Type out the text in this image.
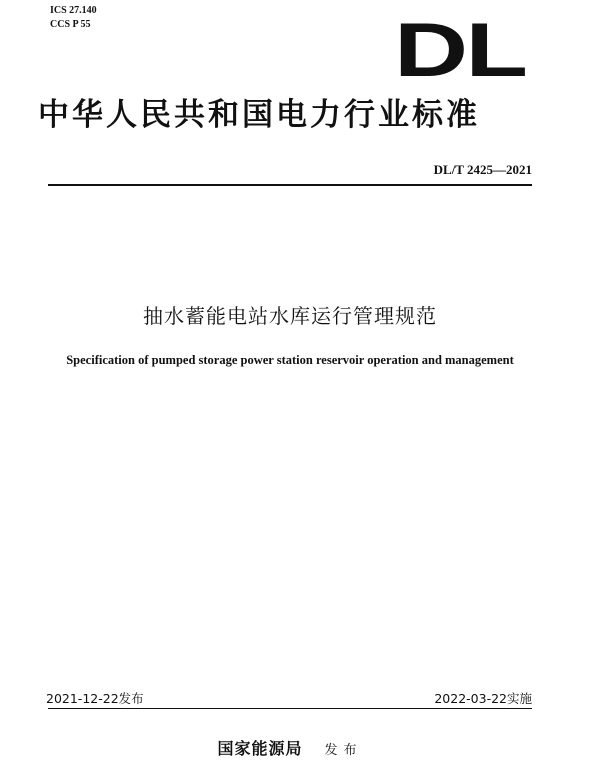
ICS 27.140
CCS P 55	DL
中华人民共和国电力行业标准
DL/T 2425—2021
抽水蓄能电站水库运行管理规范
Specification of pumped storage power station reservoir operation and management
2021-12-22发布	2022-03-22实施
国家能源局 发布
